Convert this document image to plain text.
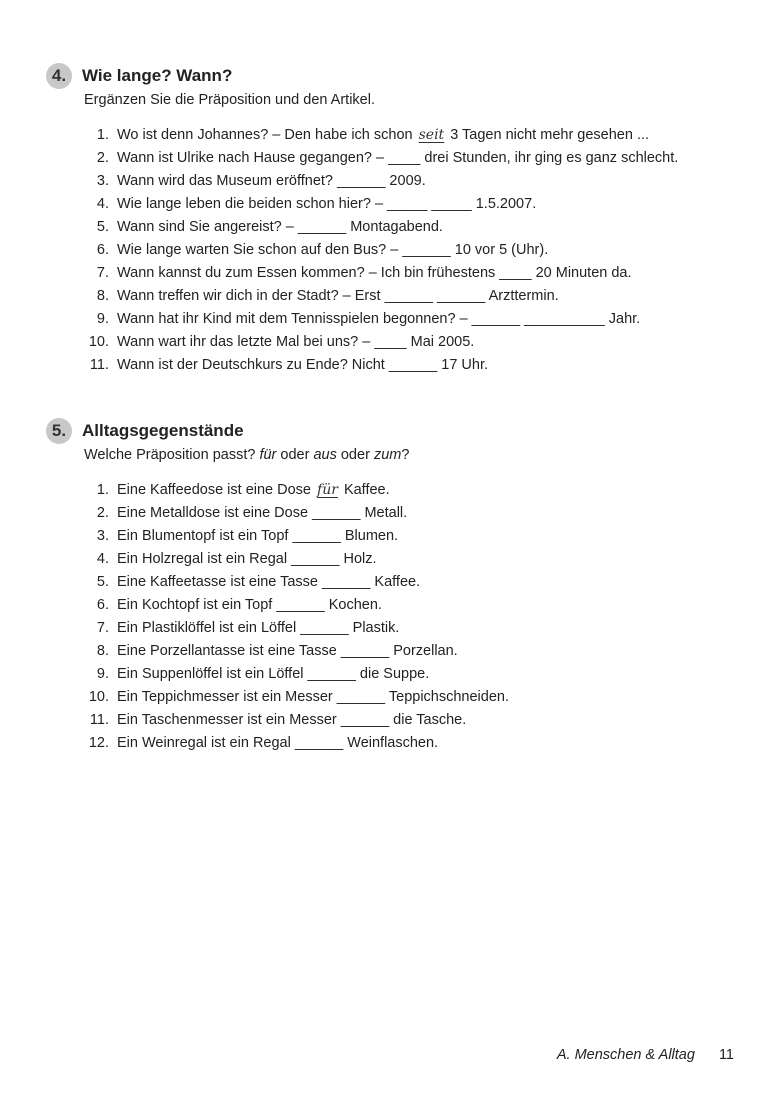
4. Wie lange? Wann?
Ergänzen Sie die Präposition und den Artikel.
1. Wo ist denn Johannes? – Den habe ich schon seit 3 Tagen nicht mehr gesehen ...
2. Wann ist Ulrike nach Hause gegangen? – ____ drei Stunden, ihr ging es ganz schlecht.
3. Wann wird das Museum eröffnet? ______ 2009.
4. Wie lange leben die beiden schon hier? – _____ _____ 1.5.2007.
5. Wann sind Sie angereist? – ______ Montagabend.
6. Wie lange warten Sie schon auf den Bus? – ______ 10 vor 5 (Uhr).
7. Wann kannst du zum Essen kommen? – Ich bin frühestens ____ 20 Minuten da.
8. Wann treffen wir dich in der Stadt? – Erst ______ ______ Arzttermin.
9. Wann hat ihr Kind mit dem Tennisspielen begonnen? – ______ __________ Jahr.
10. Wann wart ihr das letzte Mal bei uns? – ____ Mai 2005.
11. Wann ist der Deutschkurs zu Ende? Nicht ______ 17 Uhr.
5. Alltagsgegenstände
Welche Präposition passt? für oder aus oder zum?
1. Eine Kaffeedose ist eine Dose für Kaffee.
2. Eine Metalldose ist eine Dose ______ Metall.
3. Ein Blumentopf ist ein Topf ______ Blumen.
4. Ein Holzregal ist ein Regal ______ Holz.
5. Eine Kaffeetasse ist eine Tasse ______ Kaffee.
6. Ein Kochtopf ist ein Topf ______ Kochen.
7. Ein Plastiklöffel ist ein Löffel ______ Plastik.
8. Eine Porzellantasse ist eine Tasse ______ Porzellan.
9. Ein Suppenlöffel ist ein Löffel ______ die Suppe.
10. Ein Teppichmesser ist ein Messer ______ Teppichschneiden.
11. Ein Taschenmesser ist ein Messer ______ die Tasche.
12. Ein Weinregal ist ein Regal ______ Weinflaschen.
A. Menschen & Alltag 11
